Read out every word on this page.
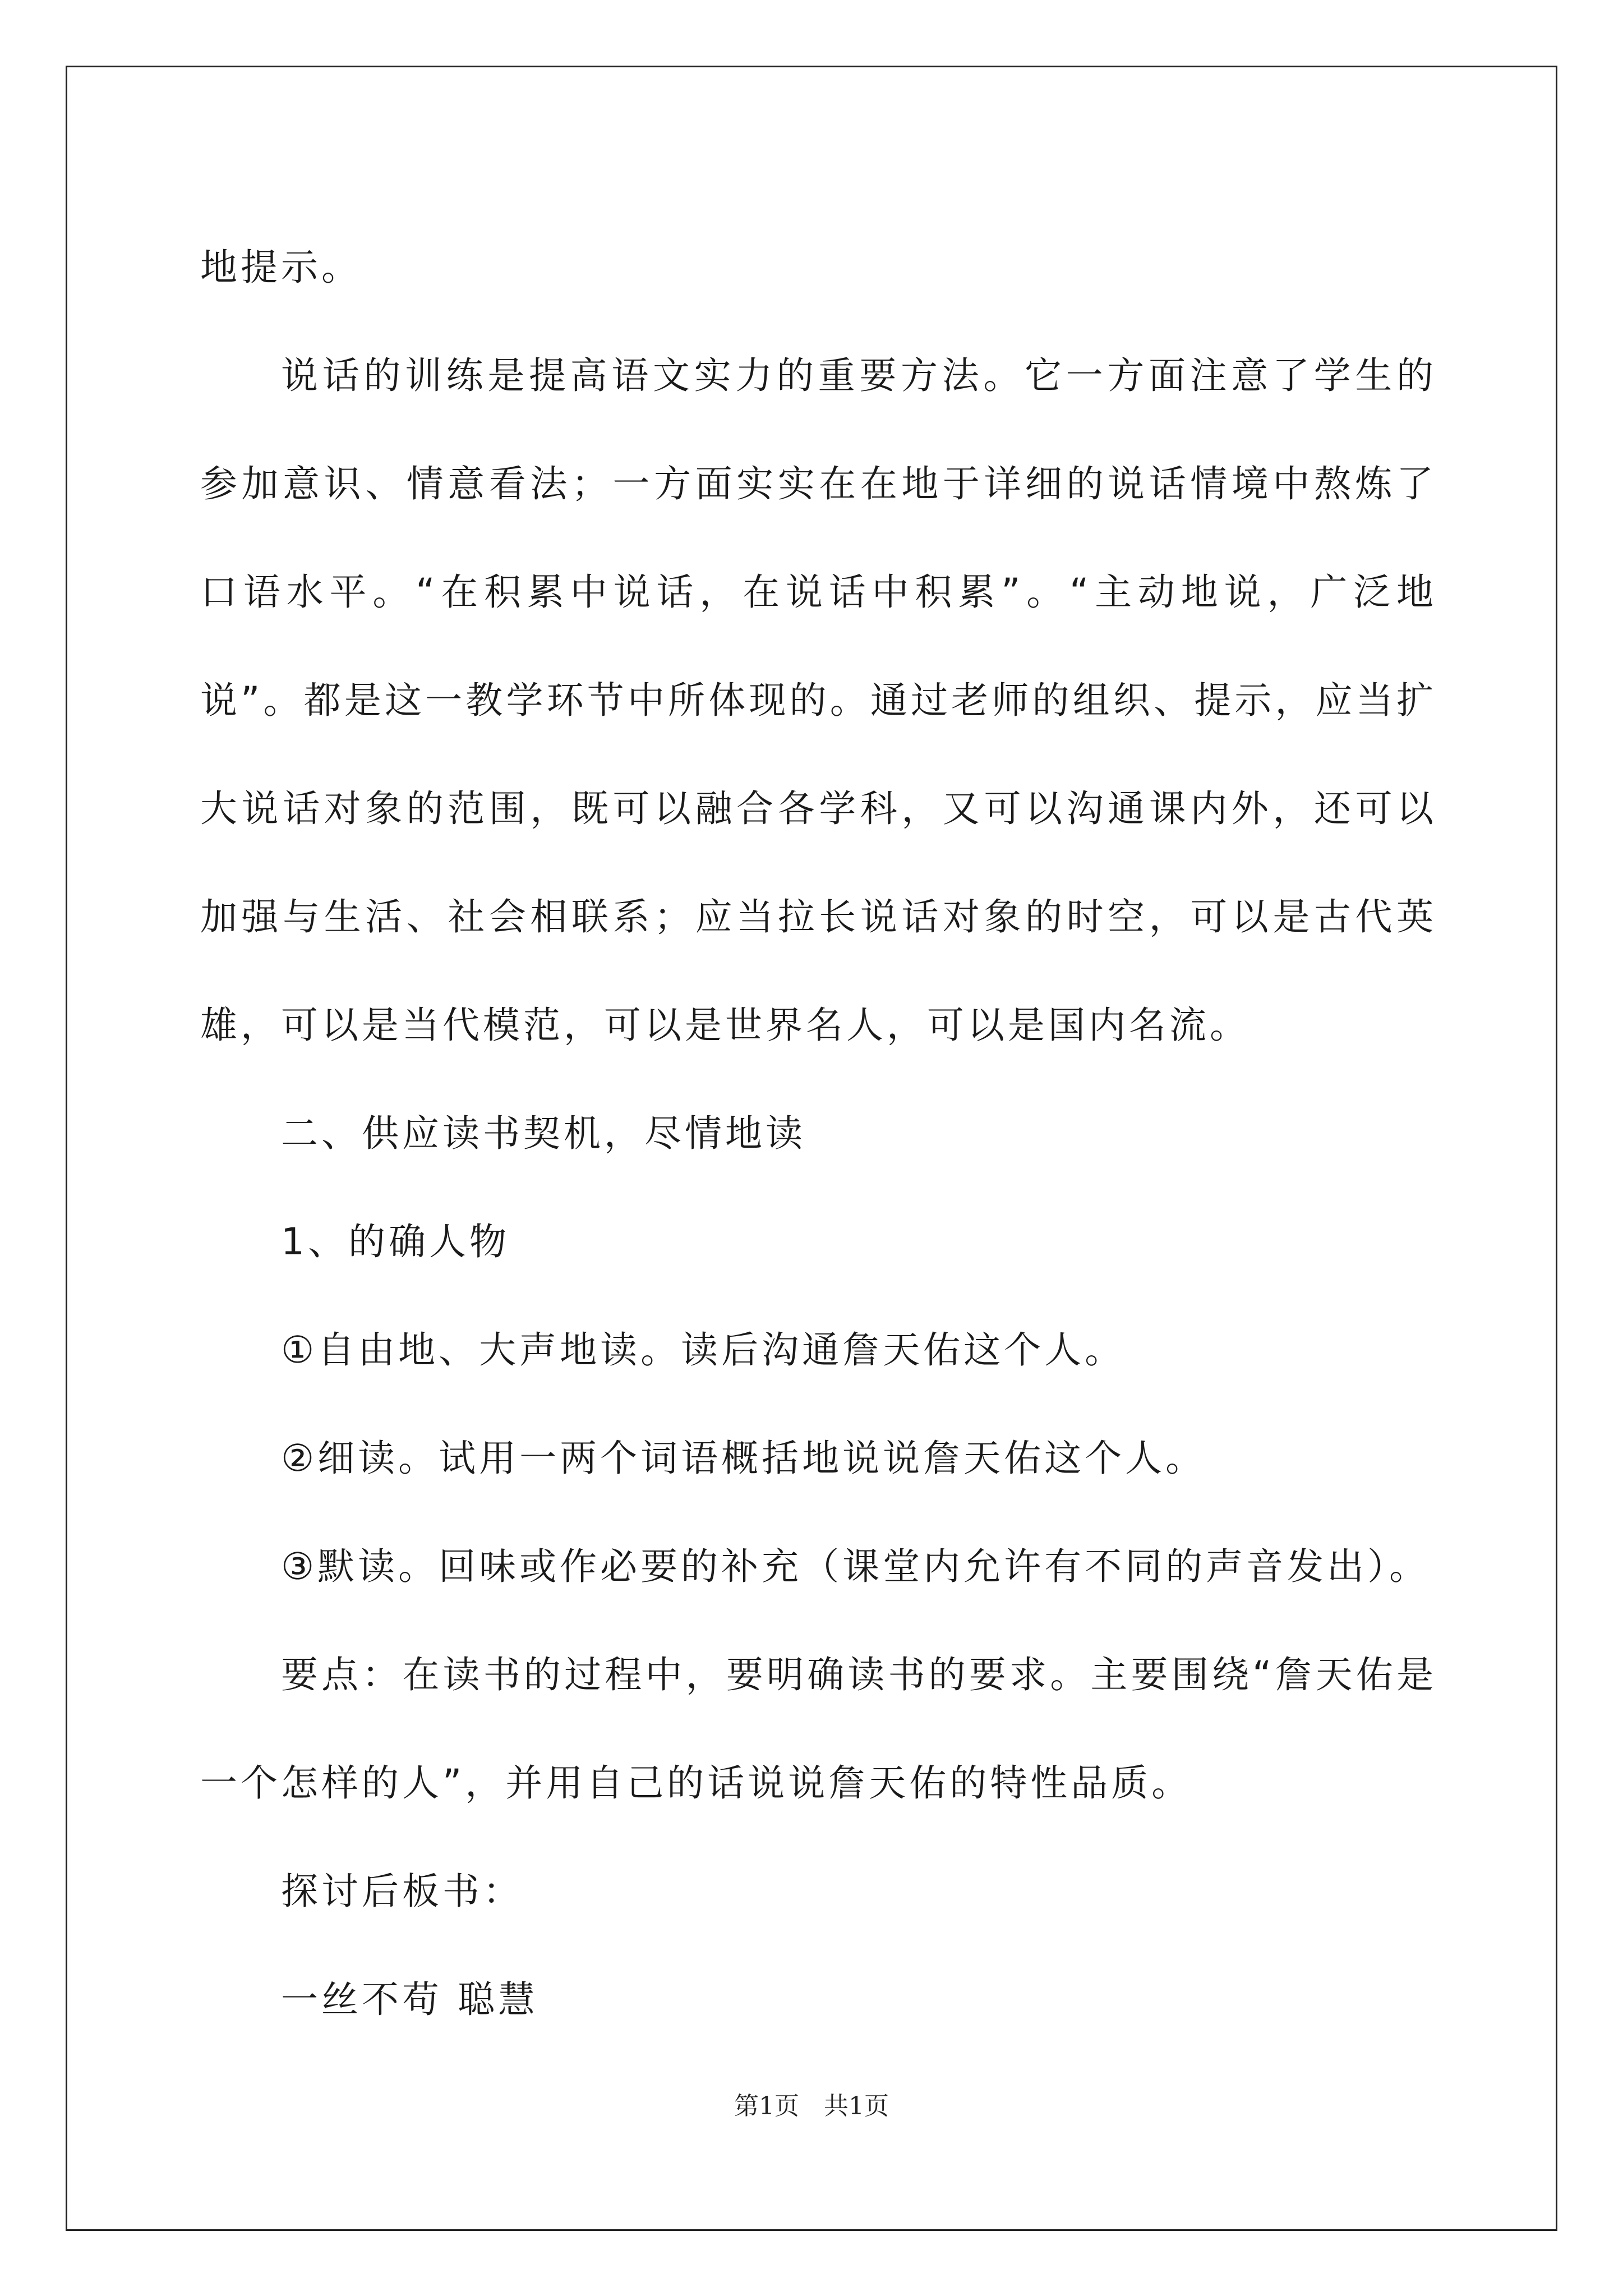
地提示。

说话的训练是提高语文实力的重要方法。它一方面注意了学生的参加意识、情意看法；一方面实实在在地于详细的说话情境中熬炼了口语水平。“在积累中说话，在说话中积累”。“主动地说，广泛地说”。都是这一教学环节中所体现的。通过老师的组织、提示，应当扩大说话对象的范围，既可以融合各学科，又可以沟通课内外，还可以加强与生活、社会相联系；应当拉长说话对象的时空，可以是古代英雄，可以是当代模范，可以是世界名人，可以是国内名流。

二、供应读书契机，尽情地读

1、的确人物

①自由地、大声地读。读后沟通詹天佑这个人。

②细读。试用一两个词语概括地说说詹天佑这个人。

③默读。回味或作必要的补充（课堂内允许有不同的声音发出）。

要点：在读书的过程中，要明确读书的要求。主要围绕“詹天佑是一个怎样的人”，并用自己的话说说詹天佑的特性品质。

探讨后板书：

一丝不苟 聪慧

第1页　共1页
